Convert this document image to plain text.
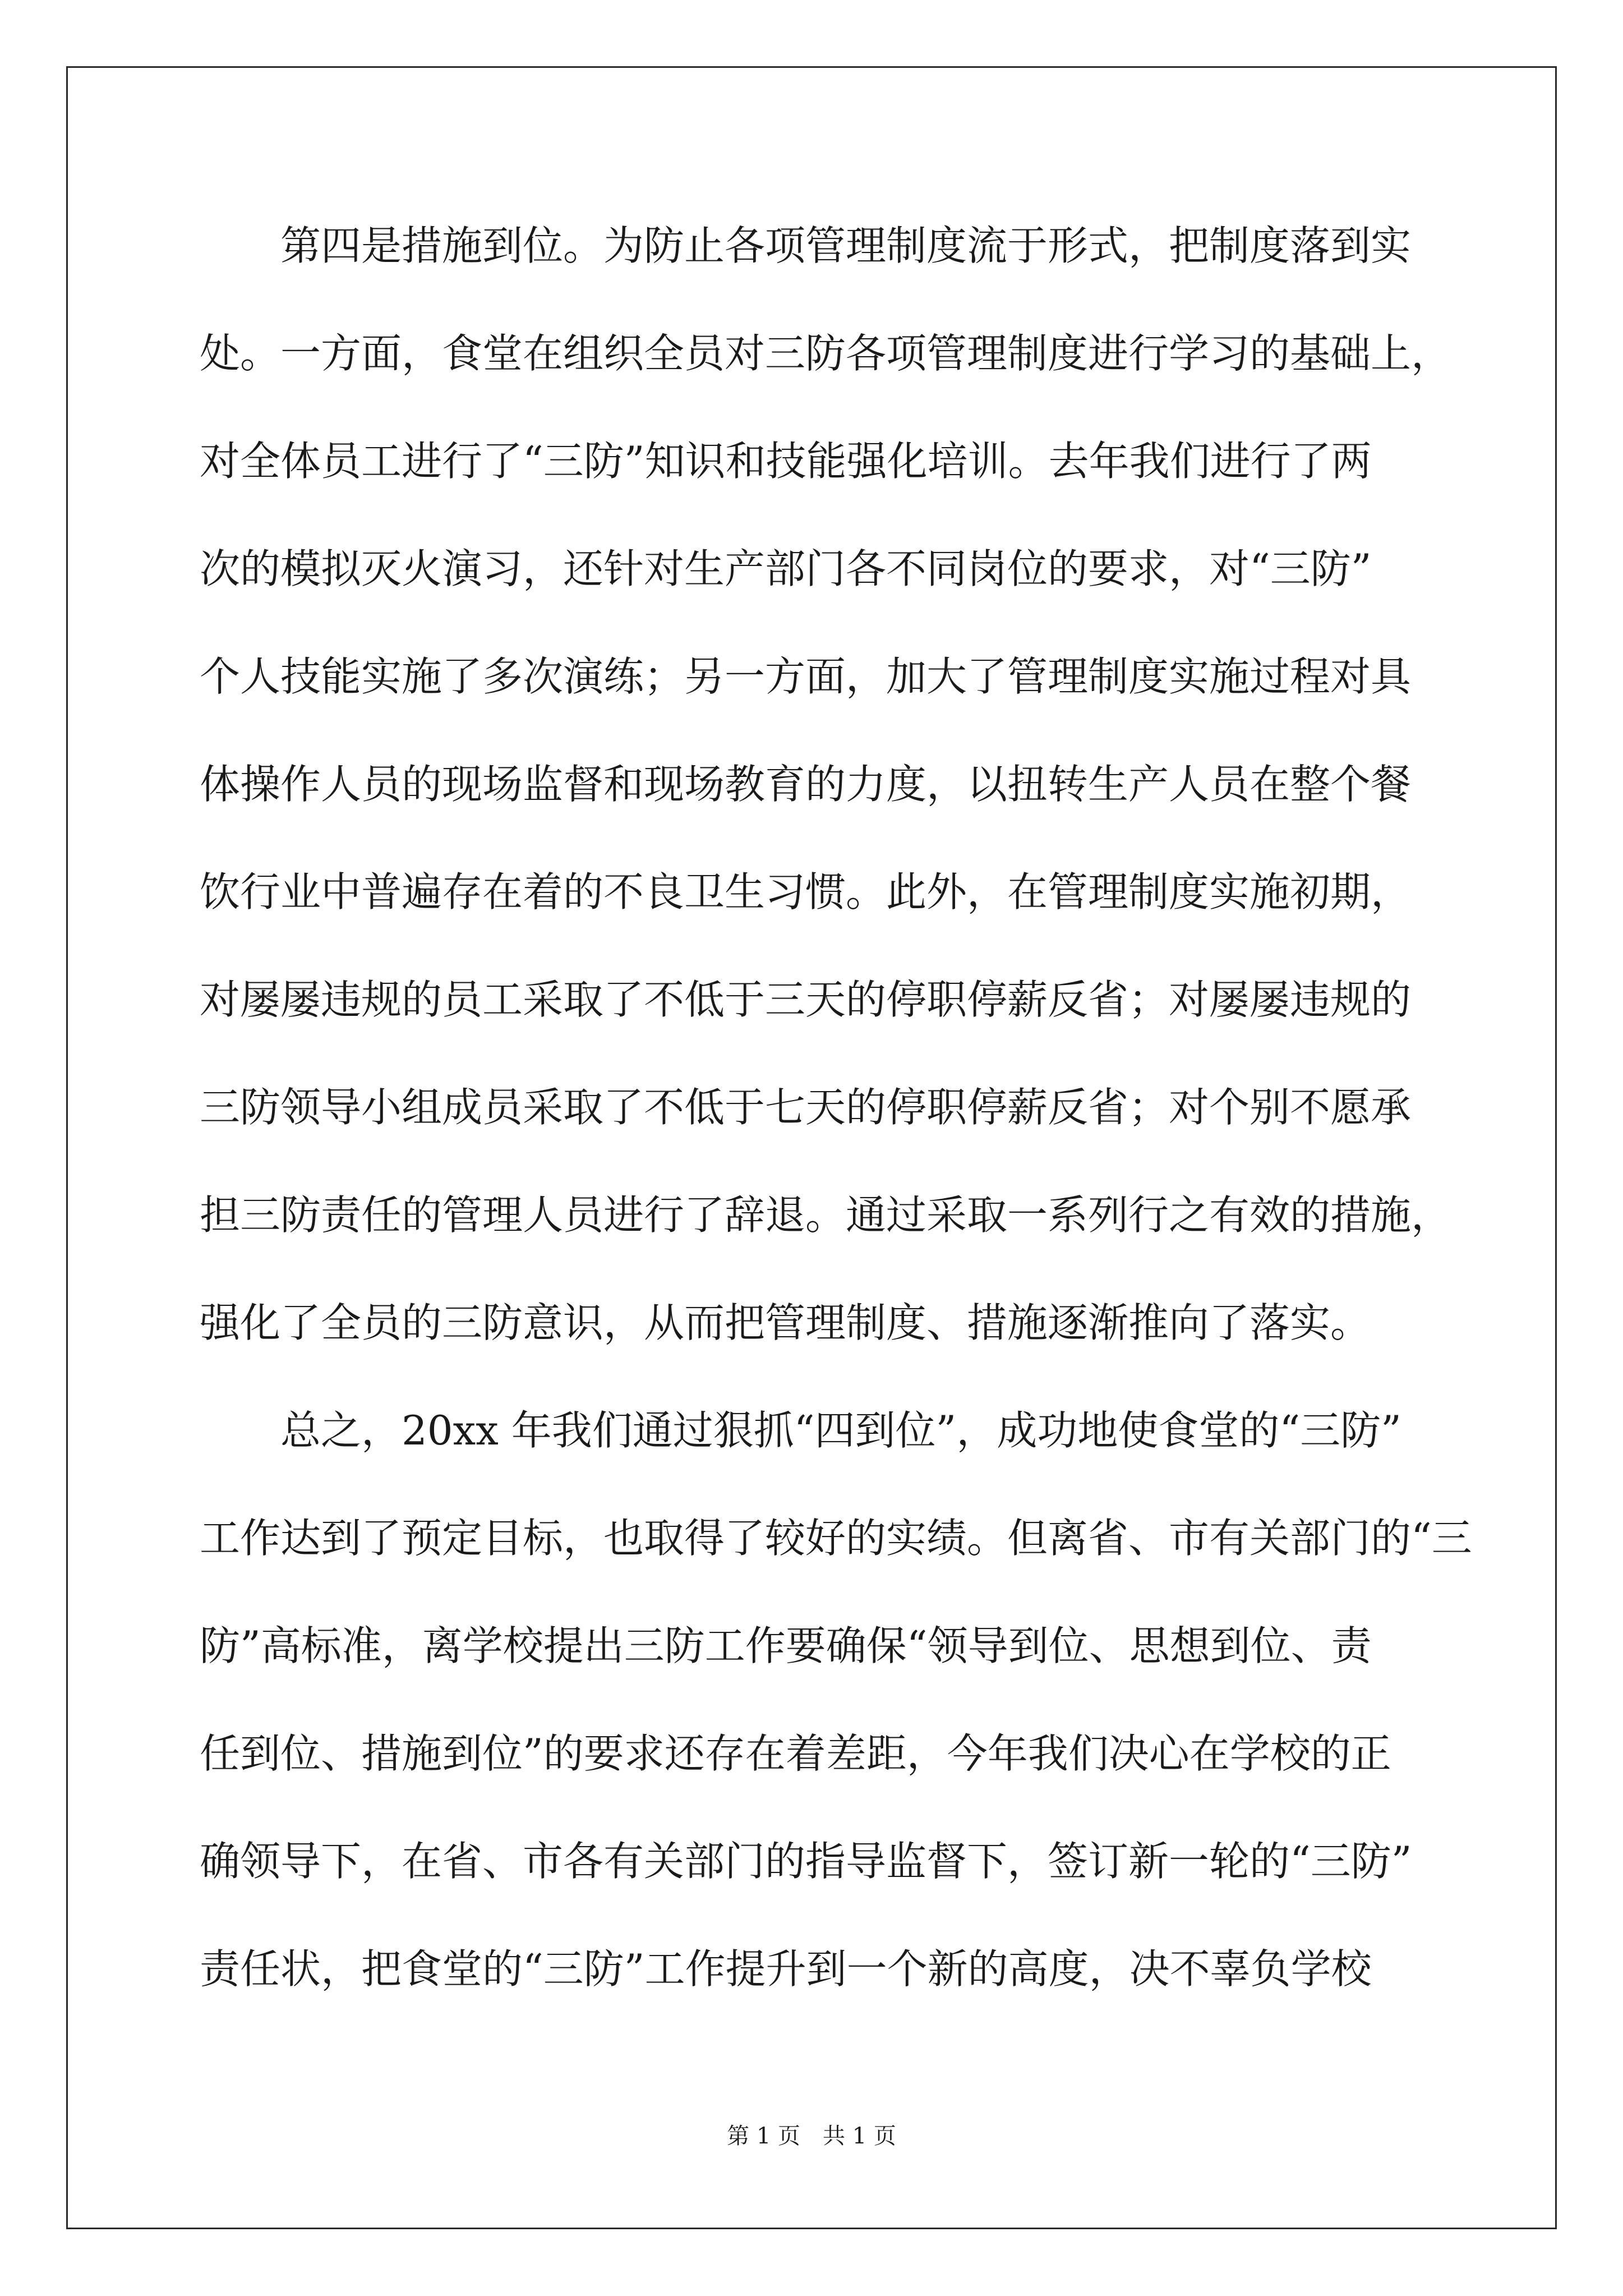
　　第四是措施到位。为防止各项管理制度流于形式，把制度落到实
处。一方面，食堂在组织全员对三防各项管理制度进行学习的基础上，
对全体员工进行了“三防”知识和技能强化培训。去年我们进行了两
次的模拟灭火演习，还针对生产部门各不同岗位的要求，对“三防”
个人技能实施了多次演练；另一方面，加大了管理制度实施过程对具
体操作人员的现场监督和现场教育的力度，以扭转生产人员在整个餐
饮行业中普遍存在着的不良卫生习惯。此外，在管理制度实施初期，
对屡屡违规的员工采取了不低于三天的停职停薪反省；对屡屡违规的
三防领导小组成员采取了不低于七天的停职停薪反省；对个别不愿承
担三防责任的管理人员进行了辞退。通过采取一系列行之有效的措施，
强化了全员的三防意识，从而把管理制度、措施逐渐推向了落实。
　　总之，20xx 年我们通过狠抓“四到位”，成功地使食堂的“三防”
工作达到了预定目标，也取得了较好的实绩。但离省、市有关部门的“三
防”高标准，离学校提出三防工作要确保“领导到位、思想到位、责
任到位、措施到位”的要求还存在着差距，今年我们决心在学校的正
确领导下，在省、市各有关部门的指导监督下，签订新一轮的“三防”
责任状，把食堂的“三防”工作提升到一个新的高度，决不辜负学校
第 1 页　共 1 页
